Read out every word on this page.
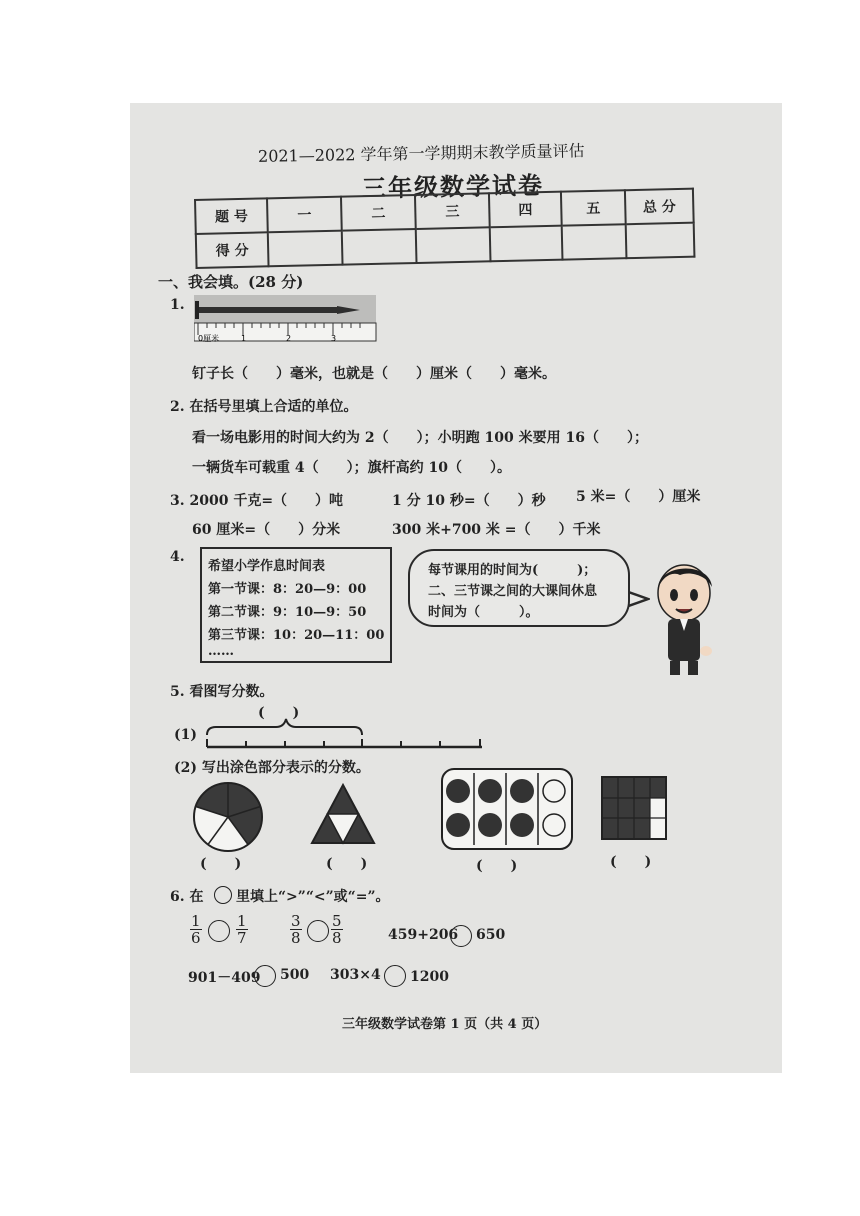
2021—2022 学年第一学期期末教学质量评估
三年级数学试卷
题 号	一	二	三	四	五	总 分
得 分						
一、我会填。(28 分)
1.
0厘米	1	2	3
钉子长（　　）毫米，也就是（　　）厘米（　　）毫米。
2. 在括号里填上合适的单位。
看一场电影用的时间大约为 2（　　）；小明跑 100 米要用 16（　　）；
一辆货车可载重 4（　　）；旗杆高约 10（　　）。
3. 2000 千克=（　　）吨	1 分 10 秒=（　　）秒 5 米=（　　）厘米
60 厘米=（　　）分米	300 米+700 米 =（　　）千米
4.
希望小学作息时间表
第一节课：8：20—9：00
第二节课：9：10—9：50
第三节课：10：20—11：00
……
每节课用的时间为(　　　)；
二、三节课之间的大课间休息
时间为（　　　）。
5. 看图写分数。
(　　)
(1)
(2) 写出涂色部分表示的分数。
(　　)	(　　)	(　　)	(　　)
6. 在 里填上“>”“<”或“=”。
$\frac{1}{6} \frac{1}{7}$	$\frac{3}{8} \frac{5}{8}$	459+206 650
901－409 500 303×4 1200
三年级数学试卷第 1 页（共 4 页）
